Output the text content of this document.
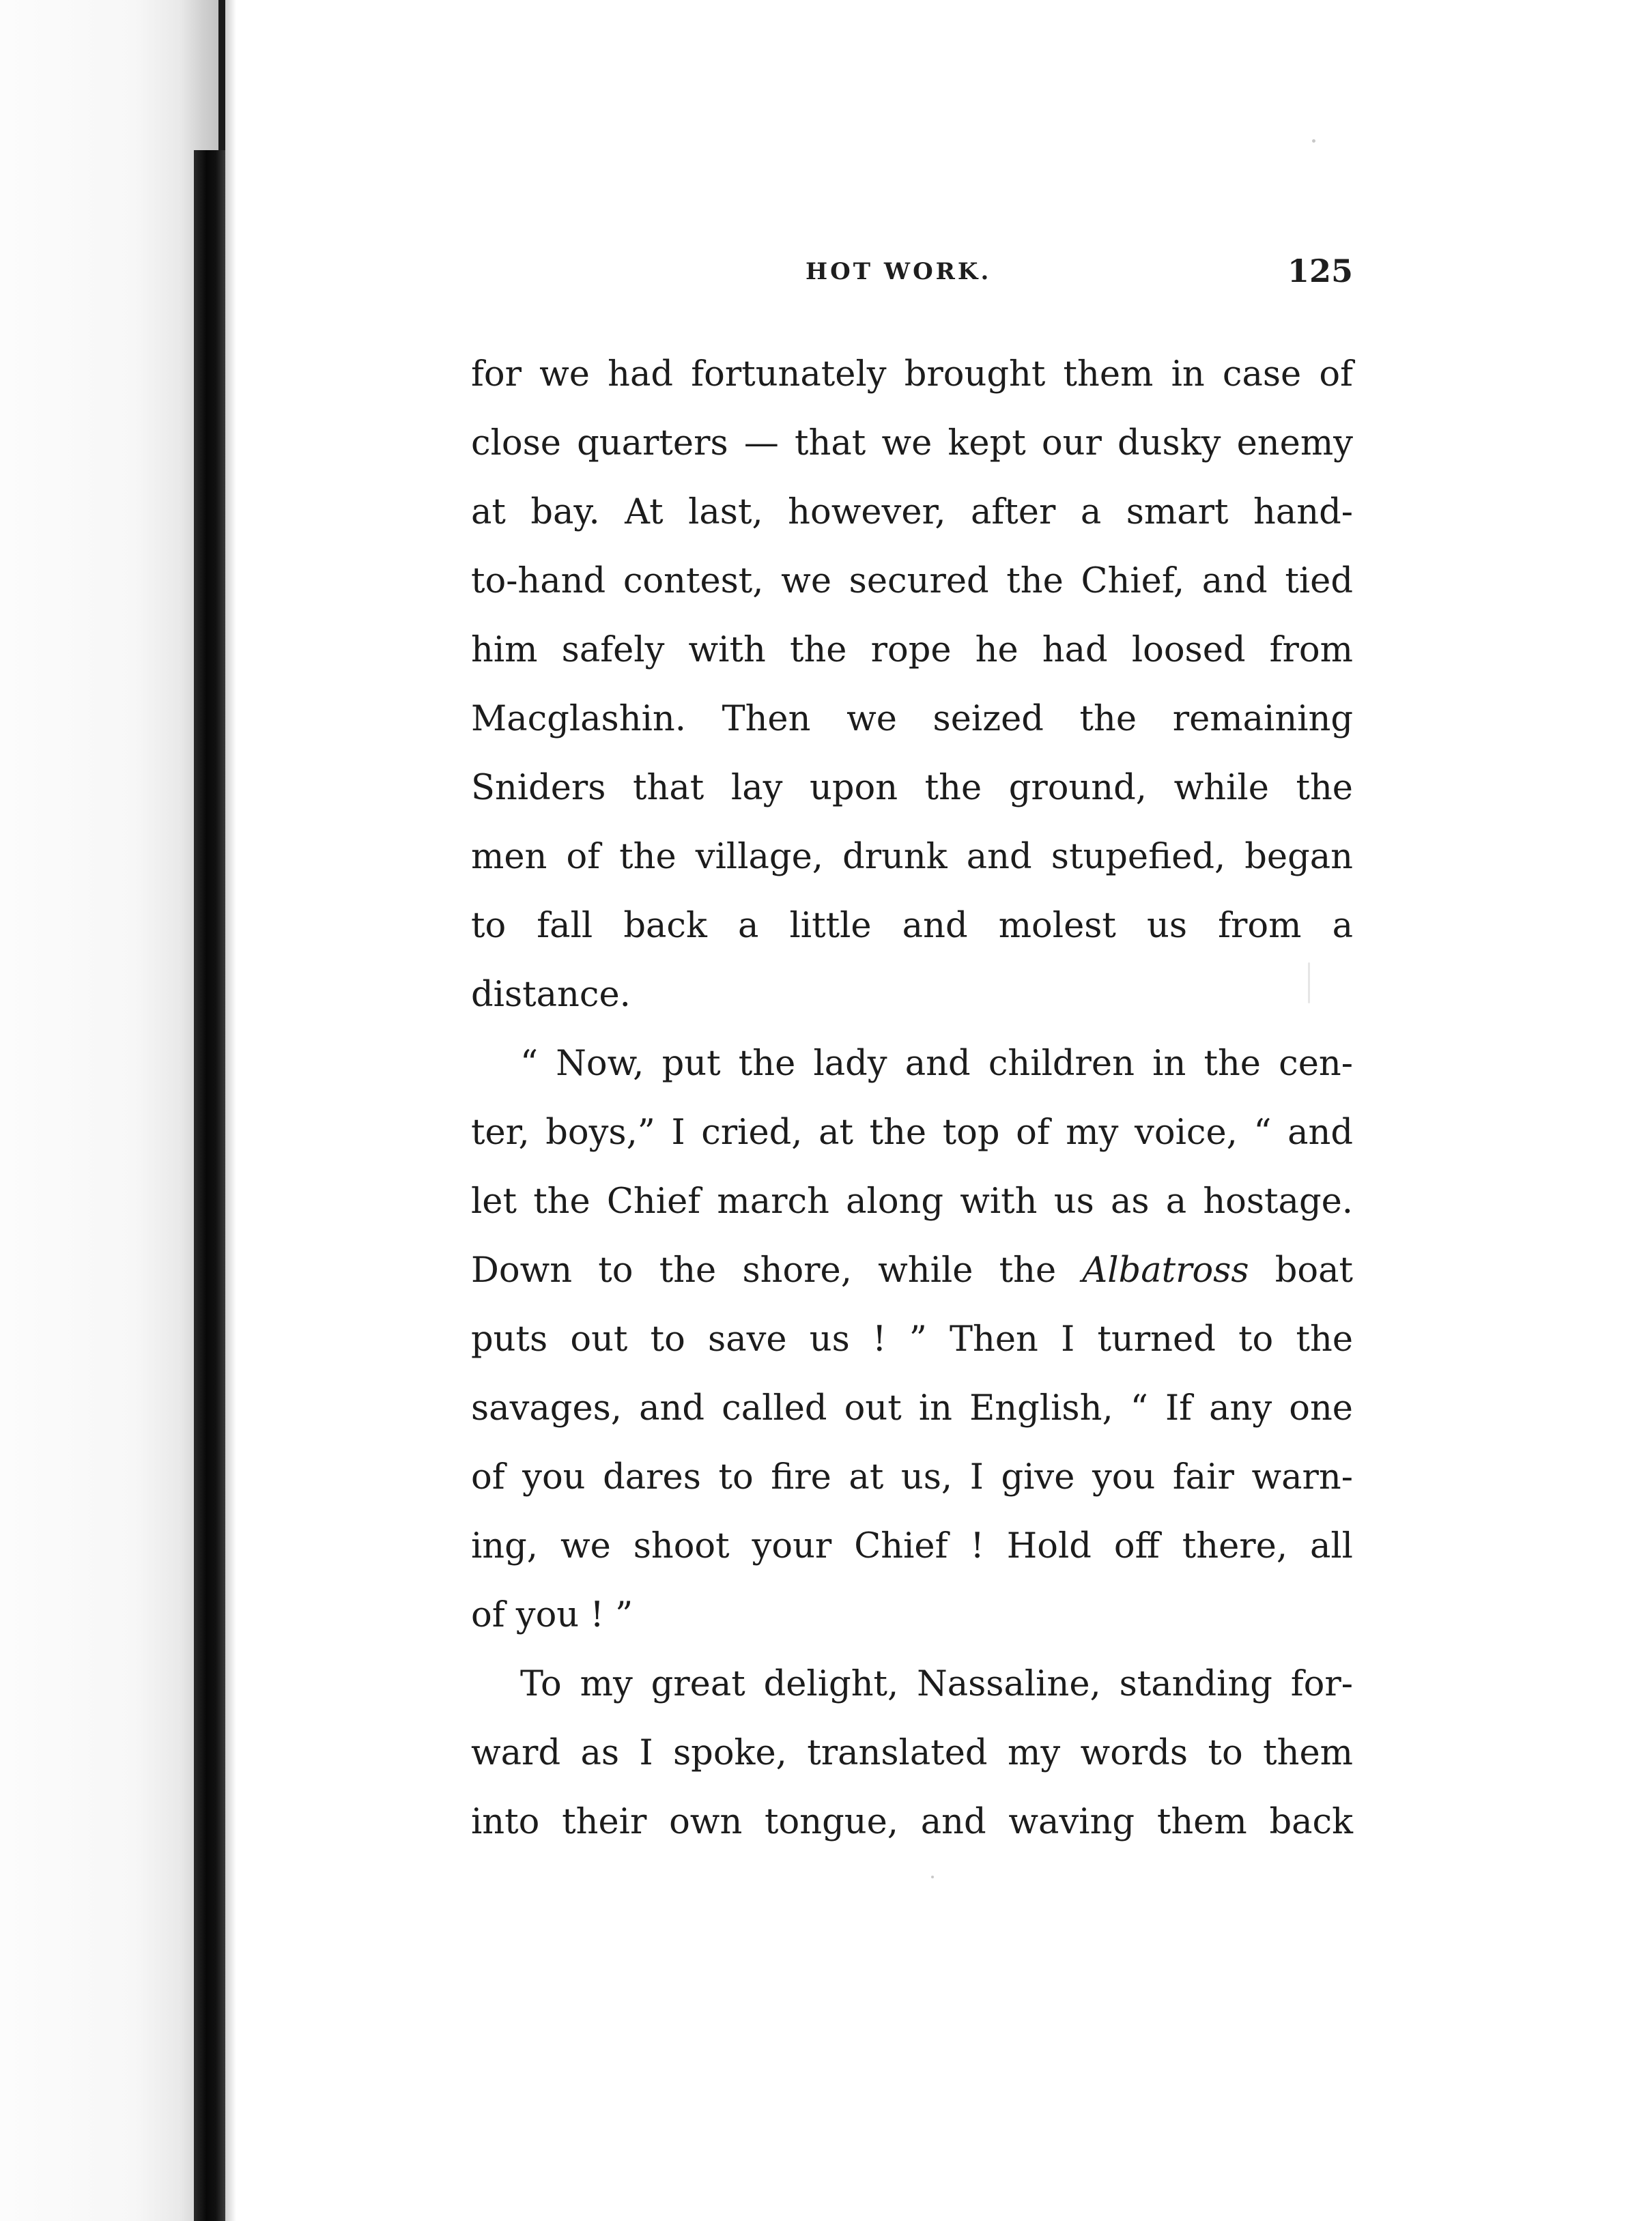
HOT WORK.	125
for we had fortunately brought them in case of
close quarters — that we kept our dusky enemy
at bay. At last, however, after a smart hand-
to-hand contest, we secured the Chief, and tied
him safely with the rope he had loosed from
Macglashin. Then we seized the remaining
Sniders that lay upon the ground, while the
men of the village, drunk and stupefied, began
to fall back a little and molest us from a
distance.
“ Now, put the lady and children in the cen-
ter, boys,” I cried, at the top of my voice, “ and
let the Chief march along with us as a hostage.
Down to the shore, while the Albatross boat
puts out to save us ! ” Then I turned to the
savages, and called out in English, “ If any one
of you dares to fire at us, I give you fair warn-
ing, we shoot your Chief ! Hold off there, all
of you ! ”
To my great delight, Nassaline, standing for-
ward as I spoke, translated my words to them
into their own tongue, and waving them back
